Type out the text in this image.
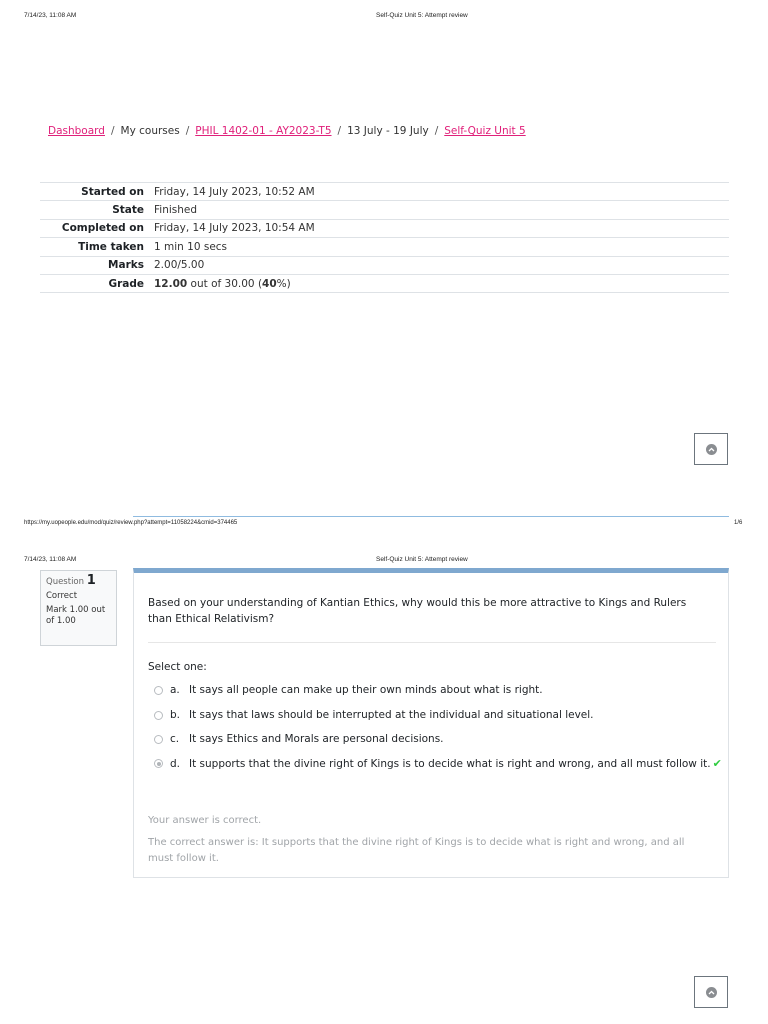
7/14/23, 11:08 AM	Self-Quiz Unit 5: Attempt review
Dashboard / My courses / PHIL 1402-01 - AY2023-T5 / 13 July - 19 July / Self-Quiz Unit 5
Started on	Friday, 14 July 2023, 10:52 AM
State	Finished
Completed on	Friday, 14 July 2023, 10:54 AM
Time taken	1 min 10 secs
Marks	2.00/5.00
Grade	12.00 out of 30.00 (40%)
https://my.uopeople.edu/mod/quiz/review.php?attempt=11058224&cmid=374465	1/6
7/14/23, 11:08 AM	Self-Quiz Unit 5: Attempt review
Question 1
Correct
Mark 1.00 out of 1.00
Based on your understanding of Kantian Ethics, why would this be more attractive to Kings and Rulers than Ethical Relativism?
Select one:
a. It says all people can make up their own minds about what is right.
b. It says that laws should be interrupted at the individual and situational level.
c. It says Ethics and Morals are personal decisions.
d. It supports that the divine right of Kings is to decide what is right and wrong, and all must follow it. ✔
Your answer is correct.
The correct answer is: It supports that the divine right of Kings is to decide what is right and wrong, and all must follow it.
